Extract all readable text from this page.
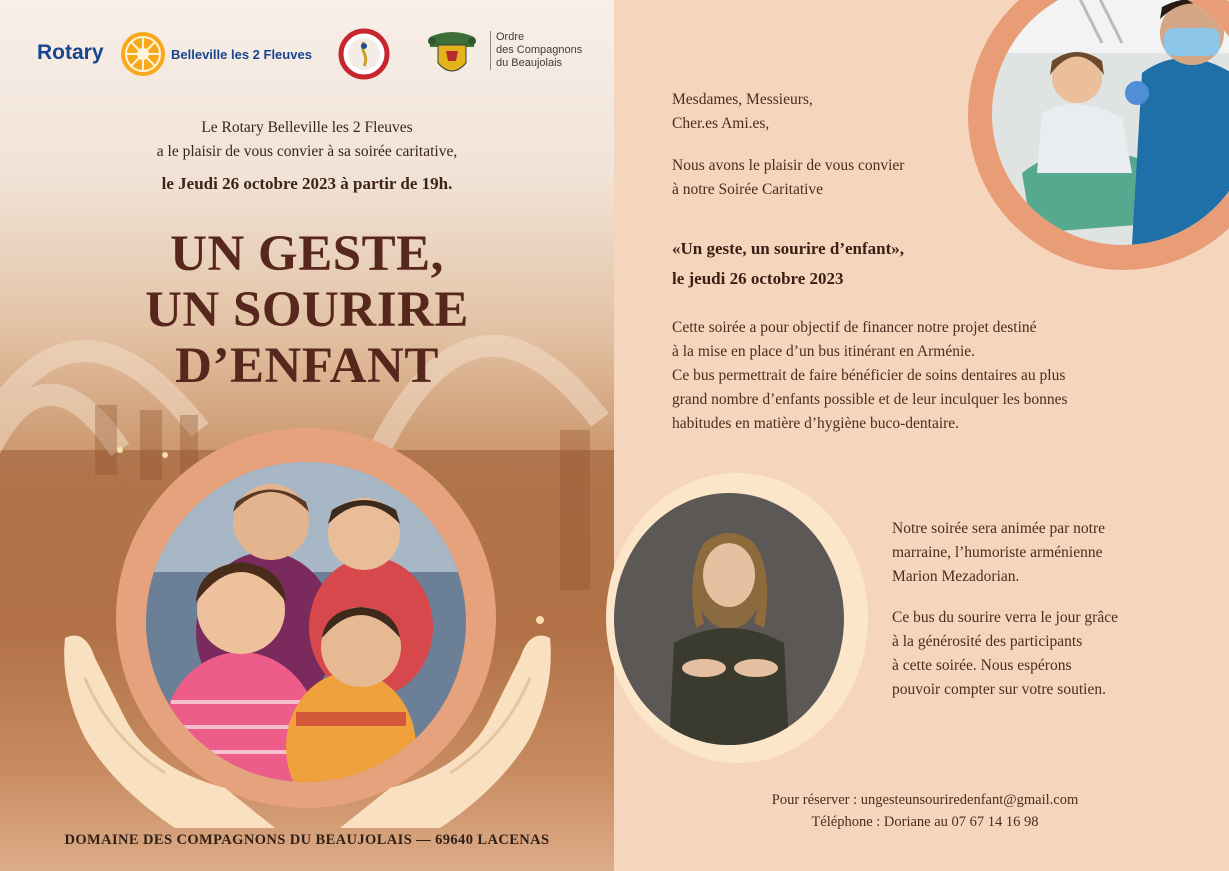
Rotary	Belleville les 2 Fleuves
Ordre
des Compagnons
du Beaujolais
Le Rotary Belleville les 2 Fleuves
a le plaisir de vous convier à sa soirée caritative,
le Jeudi 26 octobre 2023 à partir de 19h.
UN GESTE,
UN SOURIRE
D’ENFANT
DOMAINE DES COMPAGNONS DU BEAUJOLAIS — 69640 LACENAS
Mesdames, Messieurs,
Cher.es Ami.es,
Nous avons le plaisir de vous convier
à notre Soirée Caritative
«Un geste, un sourire d’enfant»,
le jeudi 26 octobre 2023
Cette soirée a pour objectif de financer notre projet destiné
à la mise en place d’un bus itinérant en Arménie.
Ce bus permettrait de faire bénéficier de soins dentaires au plus
grand nombre d’enfants possible et de leur inculquer les bonnes
habitudes en matière d’hygiène buco-dentaire.
Notre soirée sera animée par notre
marraine, l’humoriste arménienne
Marion Mezadorian.
Ce bus du sourire verra le jour grâce
à la générosité des participants
à cette soirée. Nous espérons
pouvoir compter sur votre soutien.
Pour réserver : ungesteunsouriredenfant@gmail.com
Téléphone : Doriane au 07 67 14 16 98
